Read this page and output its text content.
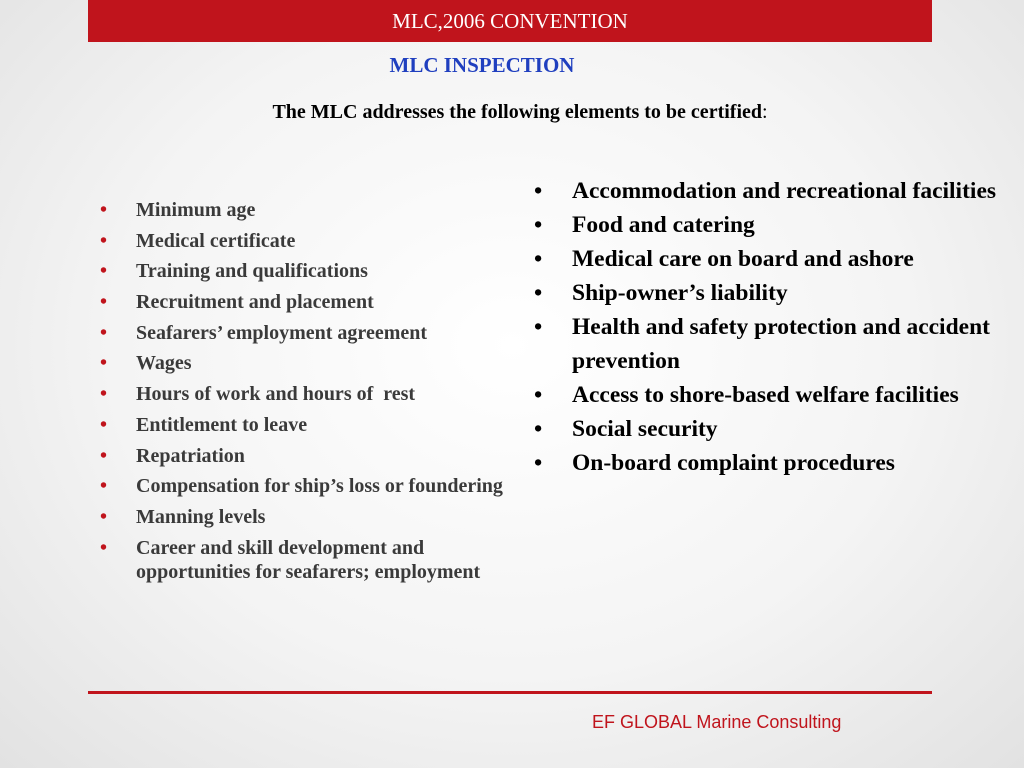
MLC,2006 CONVENTION
MLC INSPECTION
The MLC addresses the following elements to be certified:
• Minimum age
• Medical certificate
• Training and qualifications
• Recruitment and placement
• Seafarers’ employment agreement
• Wages
• Hours of work and hours of  rest
• Entitlement to leave
• Repatriation
• Compensation for ship’s loss or foundering
• Manning levels
• Career and skill development and opportunities for seafarers; employment
• Accommodation and recreational facilities
• Food and catering
• Medical care on board and ashore
• Ship-owner’s liability
• Health and safety protection and accident prevention
• Access to shore-based welfare facilities
• Social security
• On-board complaint procedures
EF GLOBAL Marine Consulting
